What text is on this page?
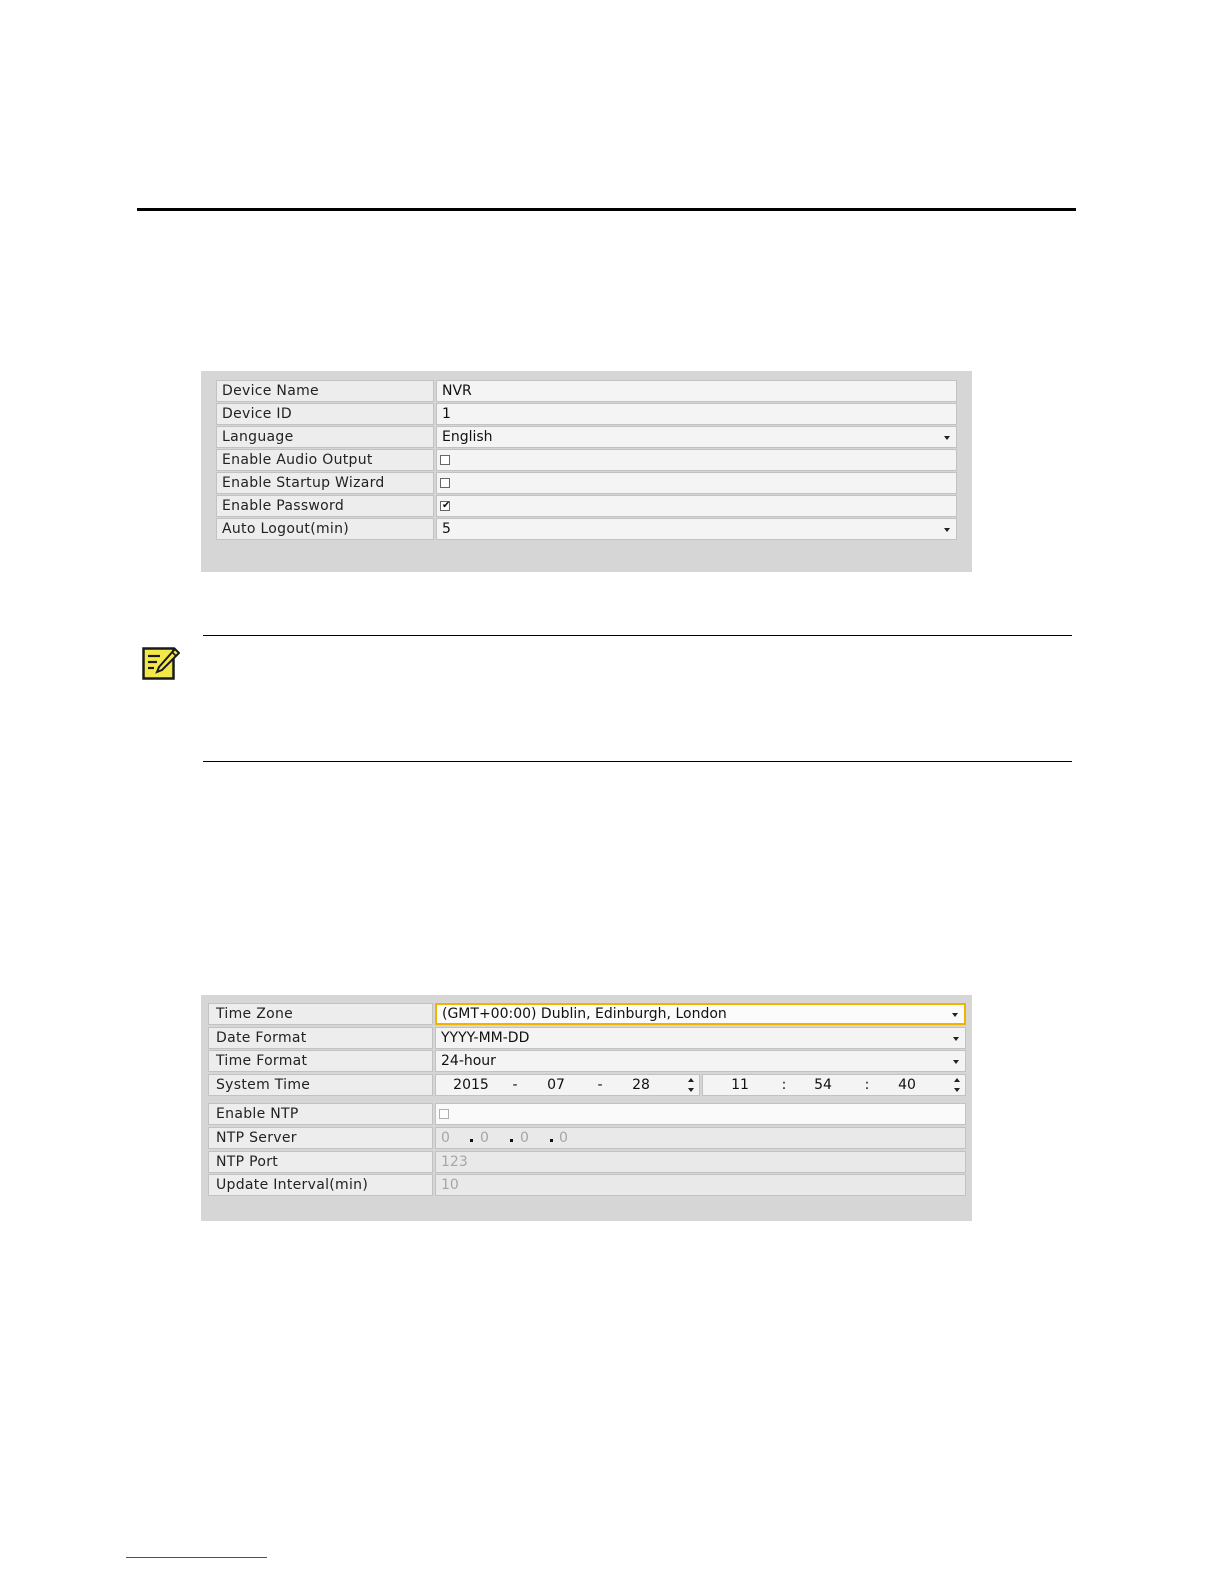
Device Name	NVR
Device ID	1
Language	English
Enable Audio Output
Enable Startup Wizard
Enable Password	✔
Auto Logout(min)	5
Time Zone	(GMT+00:00) Dublin, Edinburgh, London
Date Format	YYYY-MM-DD
Time Format	24-hour
System Time	2015	-	07	-	28	11	:	54	:	40
Enable NTP
NTP Server	0 0 0 0
NTP Port	123
Update Interval(min)	10
